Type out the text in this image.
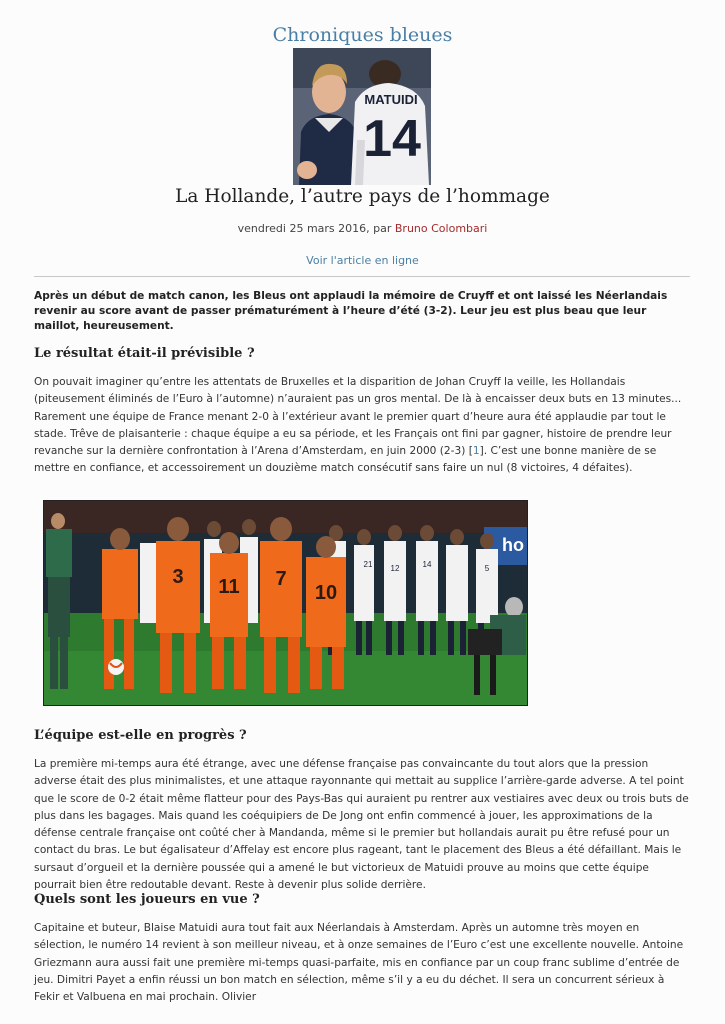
Chroniques bleues
MATUIDI
14
La Hollande, l’autre pays de l’hommage
vendredi 25 mars 2016, par Bruno Colombari
Voir l'article en ligne

Après un début de match canon, les Bleus ont applaudi la mémoire de Cruyff et ont laissé les Néerlandais revenir au score avant de passer prématurément à l’heure d’été (3-2). Leur jeu est plus beau que leur maillot, heureusement.

Le résultat était-il prévisible ?

On pouvait imaginer qu’entre les attentats de Bruxelles et la disparition de Johan Cruyff la veille, les Hollandais (piteusement éliminés de l’Euro à l’automne) n’auraient pas un gros mental. De là à encaisser deux buts en 13 minutes... Rarement une équipe de France menant 2-0 à l’extérieur avant le premier quart d’heure aura été applaudie par tout le stade. Trêve de plaisanterie : chaque équipe a eu sa période, et les Français ont fini par gagner, histoire de prendre leur revanche sur la dernière confrontation à l’Arena d’Amsterdam, en juin 2000 (2-3) [1]. C’est une bonne manière de se mettre en confiance, et accessoirement un douzième match consécutif sans faire un nul (8 victoires, 4 défaites).

ho
21 12	14	5
3 11 7
10
L’équipe est-elle en progrès ?

La première mi-temps aura été étrange, avec une défense française pas convaincante du tout alors que la pression adverse était des plus minimalistes, et une attaque rayonnante qui mettait au supplice l’arrière-garde adverse. A tel point que le score de 0-2 était même flatteur pour des Pays-Bas qui auraient pu rentrer aux vestiaires avec deux ou trois buts de plus dans les bagages. Mais quand les coéquipiers de De Jong ont enfin commencé à jouer, les approximations de la défense centrale française ont coûté cher à Mandanda, même si le premier but hollandais aurait pu être refusé pour un contact du bras. Le but égalisateur d’Affelay est encore plus rageant, tant le placement des Bleus a été défaillant. Mais le sursaut d’orgueil et la dernière poussée qui a amené le but victorieux de Matuidi prouve au moins que cette équipe pourrait bien être redoutable devant. Reste à devenir plus solide derrière.

Quels sont les joueurs en vue ?

Capitaine et buteur, Blaise Matuidi aura tout fait aux Néerlandais à Amsterdam. Après un automne très moyen en sélection, le numéro 14 revient à son meilleur niveau, et à onze semaines de l’Euro c’est une excellente nouvelle. Antoine Griezmann aura aussi fait une première mi-temps quasi-parfaite, mis en confiance par un coup franc sublime d’entrée de jeu. Dimitri Payet a enfin réussi un bon match en sélection, même s’il y a eu du déchet. Il sera un concurrent sérieux à Fekir et Valbuena en mai prochain. Olivier
